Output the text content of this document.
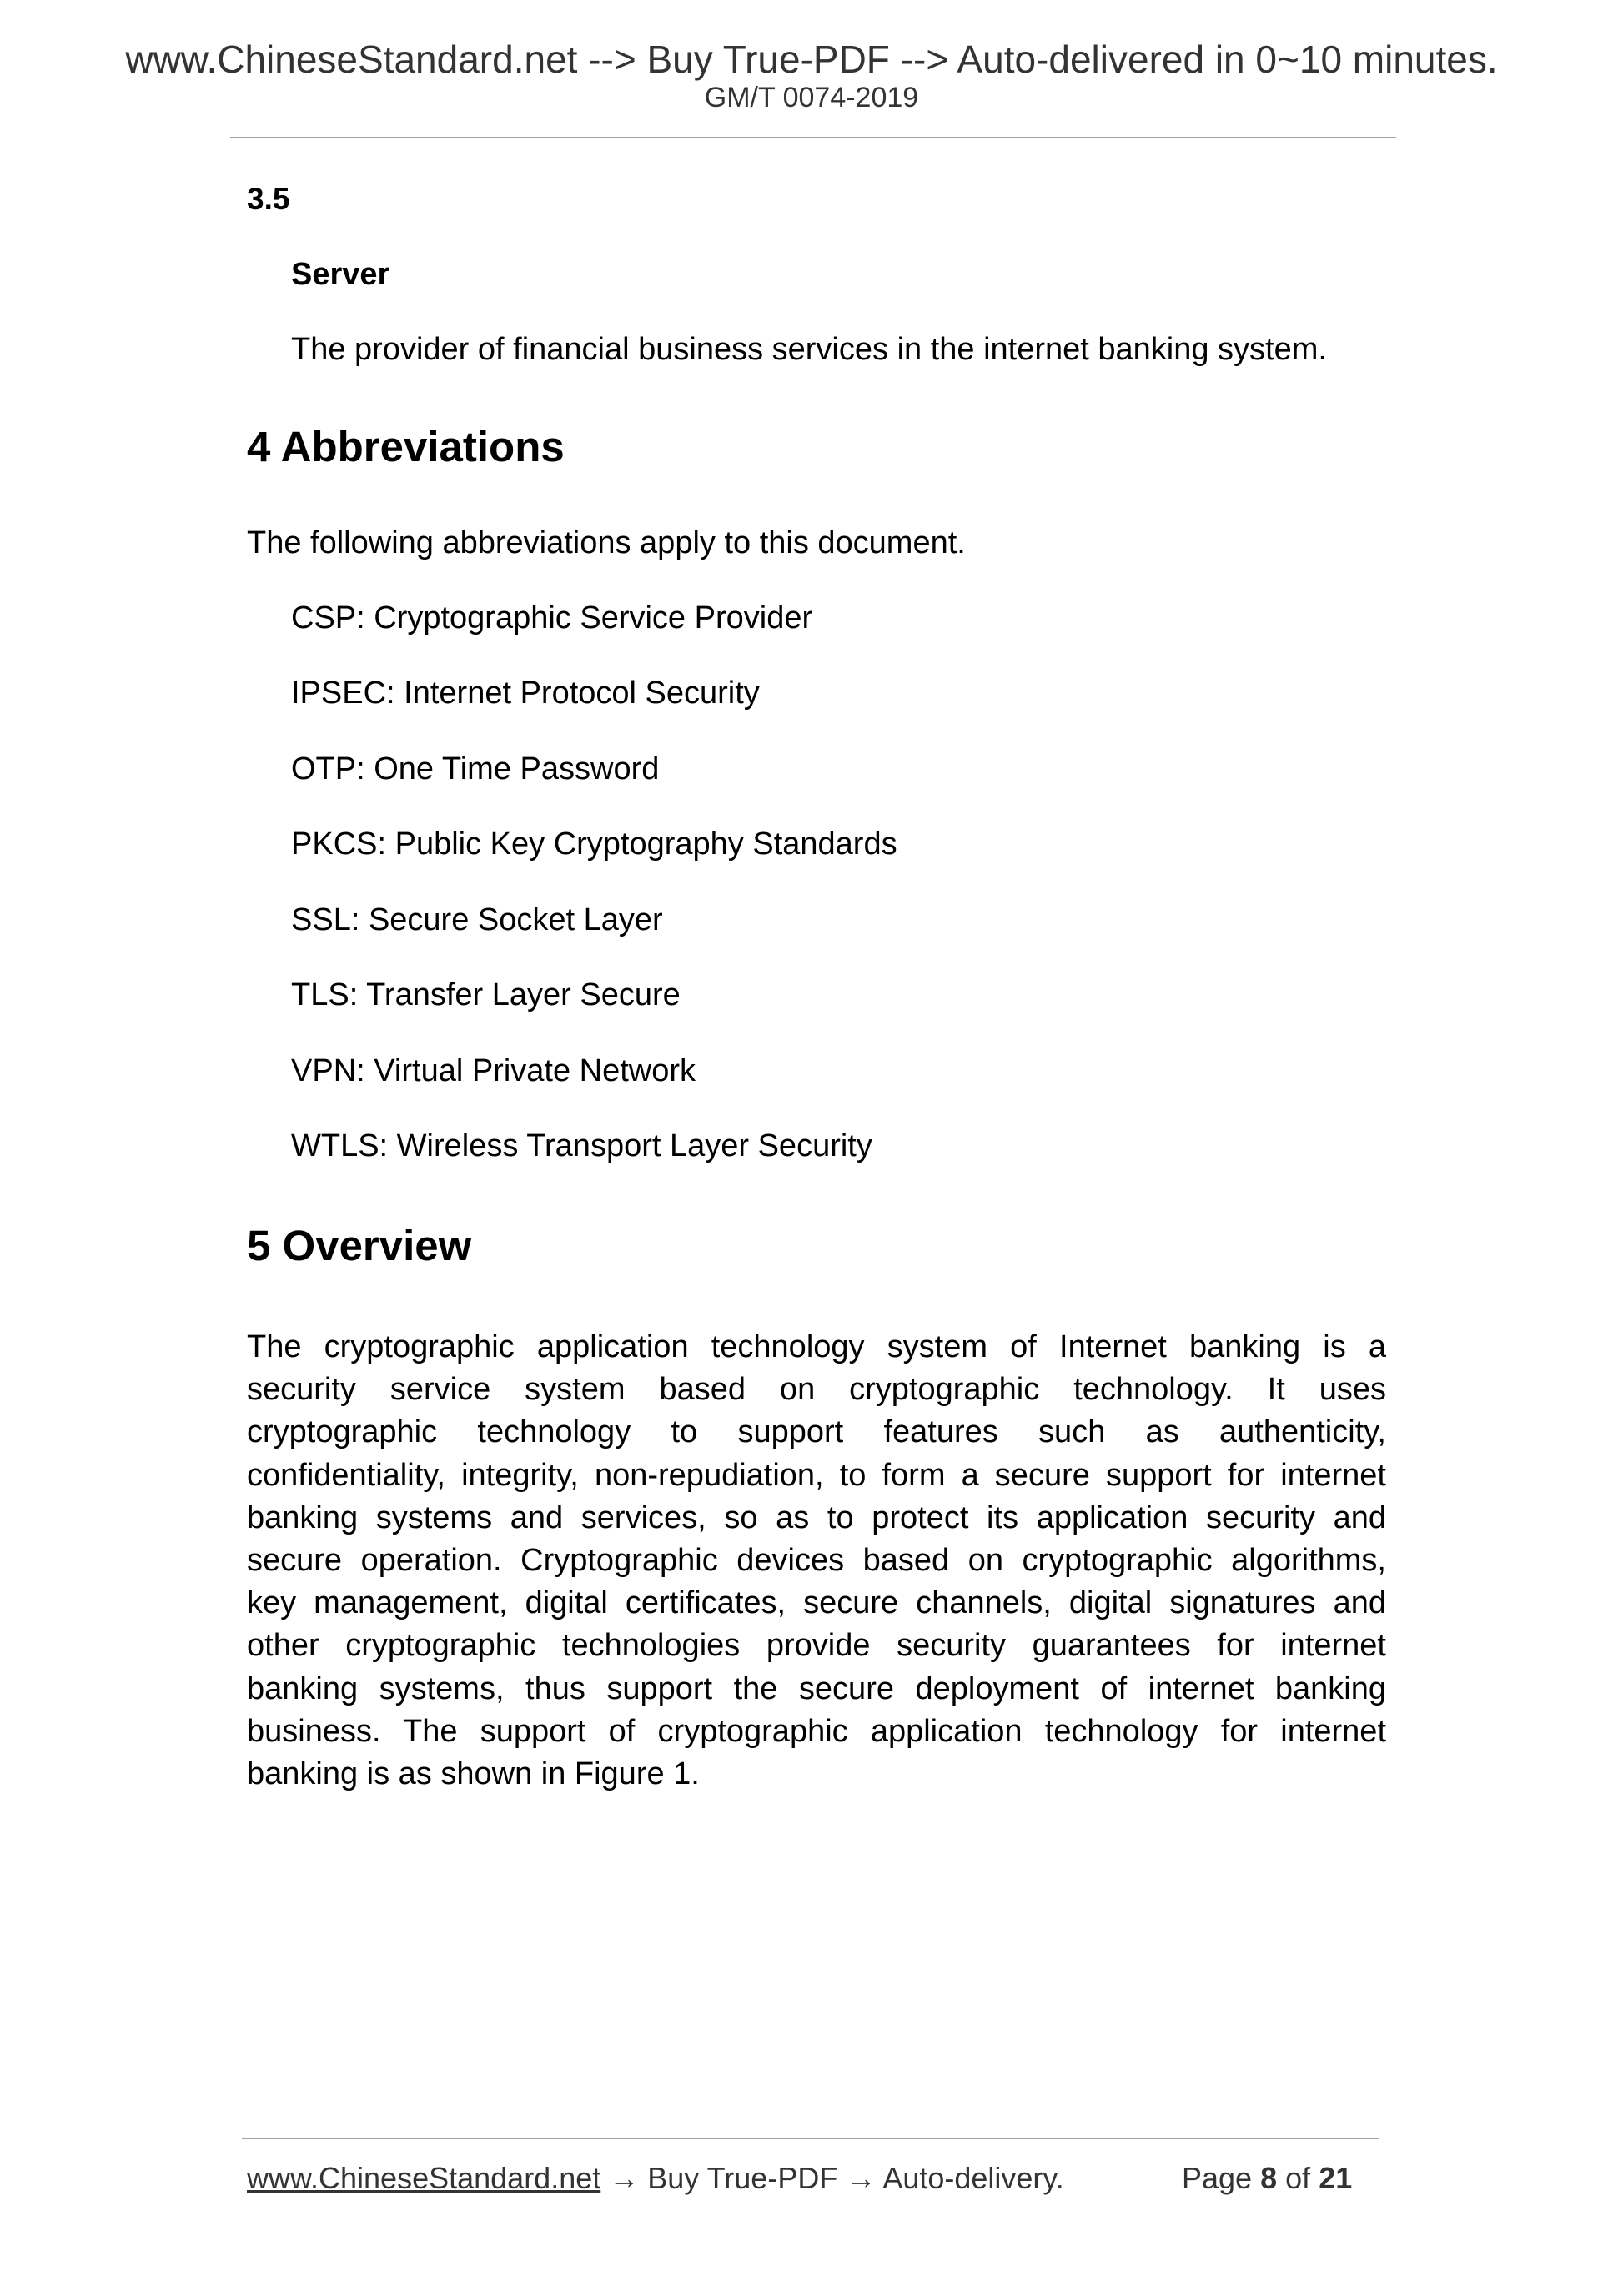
www.ChineseStandard.net --> Buy True-PDF --> Auto-delivered in 0~10 minutes.
GM/T 0074-2019
3.5
Server
The provider of financial business services in the internet banking system.
4 Abbreviations
The following abbreviations apply to this document.
CSP: Cryptographic Service Provider
IPSEC: Internet Protocol Security
OTP: One Time Password
PKCS: Public Key Cryptography Standards
SSL: Secure Socket Layer
TLS: Transfer Layer Secure
VPN: Virtual Private Network
WTLS: Wireless Transport Layer Security
5 Overview
The cryptographic application technology system of Internet banking is a
security service system based on cryptographic technology. It uses
cryptographic technology to support features such as authenticity,
confidentiality, integrity, non-repudiation, to form a secure support for internet
banking systems and services, so as to protect its application security and
secure operation. Cryptographic devices based on cryptographic algorithms,
key management, digital certificates, secure channels, digital signatures and
other cryptographic technologies provide security guarantees for internet
banking systems, thus support the secure deployment of internet banking
business. The support of cryptographic application technology for internet
banking is as shown in Figure 1.
www.ChineseStandard.net → Buy True-PDF → Auto-delivery.	Page 8 of 21
